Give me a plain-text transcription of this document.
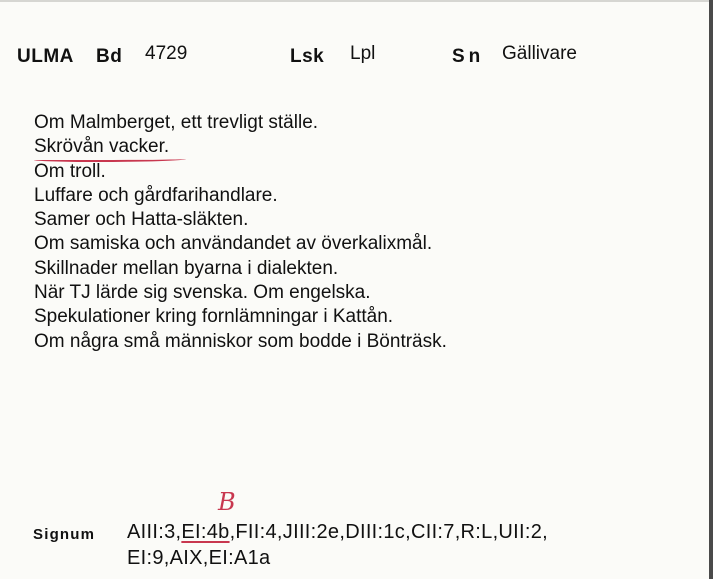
ULMA Bd 4729	Lsk Lpl	Sn Gällivare
Om Malmberget, ett trevligt ställe.
Skrövån vacker.
Om troll.
Luffare och gårdfarihandlare.
Samer och Hatta-släkten.
Om samiska och användandet av överkalixmål.
Skillnader mellan byarna i dialekten.
När TJ lärde sig svenska. Om engelska.
Spekulationer kring fornlämningar i Kattån.
Om några små människor som bodde i Bönträsk.
B
Signum AIII:3,EI:4b,FII:4,JIII:2e,DIII:1c,CII:7,R:L,UII:2,
EI:9,AIX,EI:A1a
